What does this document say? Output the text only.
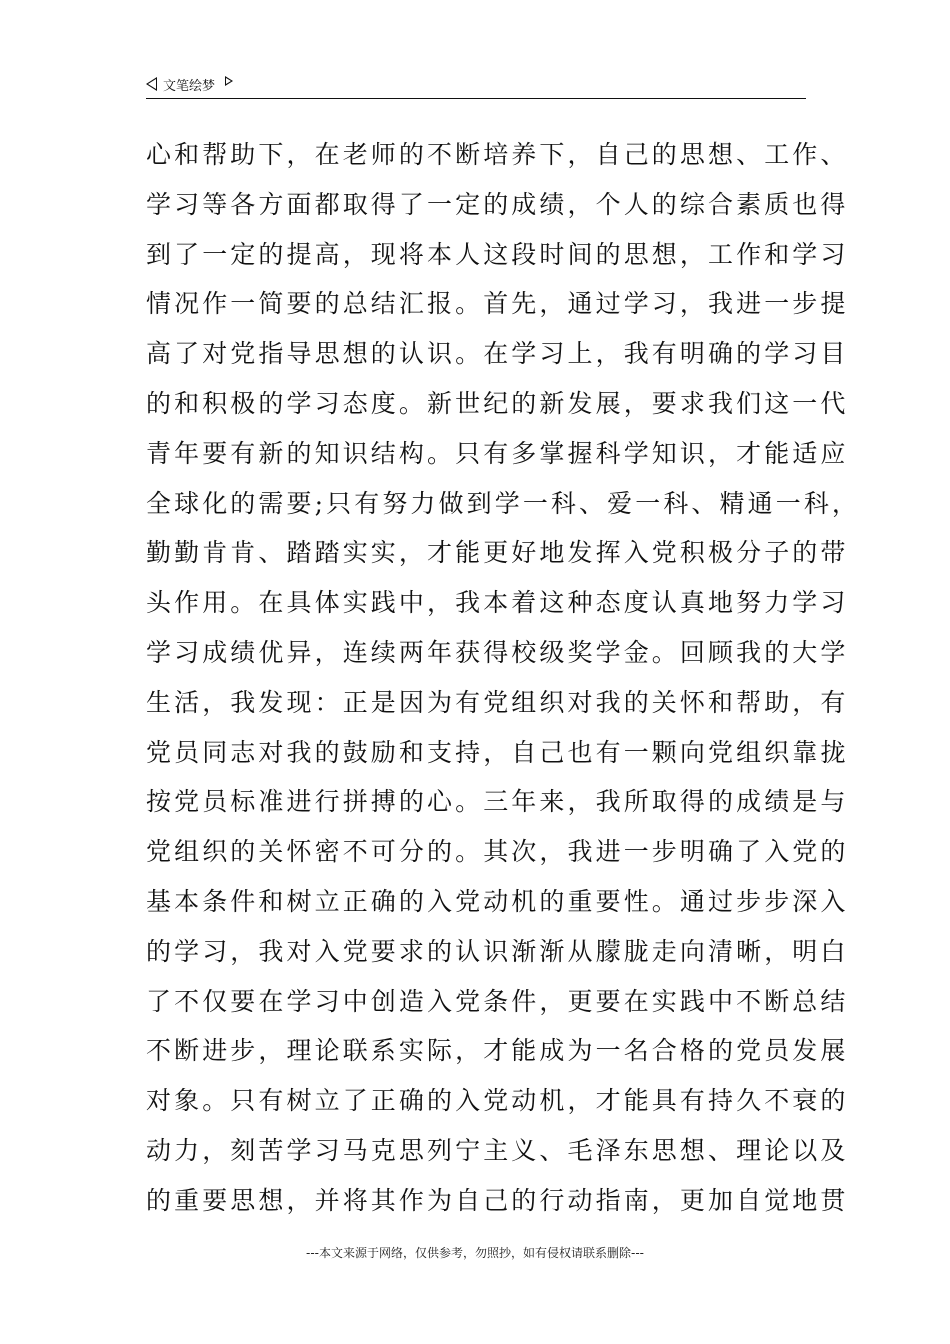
文笔绘梦
心和帮助下，在老师的不断培养下，自己的思想、工作、
学习等各方面都取得了一定的成绩，个人的综合素质也得
到了一定的提高，现将本人这段时间的思想，工作和学习
情况作一简要的总结汇报。首先，通过学习，我进一步提
高了对党指导思想的认识。在学习上，我有明确的学习目
的和积极的学习态度。新世纪的新发展，要求我们这一代
青年要有新的知识结构。只有多掌握科学知识，才能适应
全球化的需要;只有努力做到学一科、爱一科、精通一科，
勤勤肯肯、踏踏实实，才能更好地发挥入党积极分子的带
头作用。在具体实践中，我本着这种态度认真地努力学习
学习成绩优异，连续两年获得校级奖学金。回顾我的大学
生活，我发现：正是因为有党组织对我的关怀和帮助，有
党员同志对我的鼓励和支持，自己也有一颗向党组织靠拢
按党员标准进行拼搏的心。三年来，我所取得的成绩是与
党组织的关怀密不可分的。其次，我进一步明确了入党的
基本条件和树立正确的入党动机的重要性。通过步步深入
的学习，我对入党要求的认识渐渐从朦胧走向清晰，明白
了不仅要在学习中创造入党条件，更要在实践中不断总结
不断进步，理论联系实际，才能成为一名合格的党员发展
对象。只有树立了正确的入党动机，才能具有持久不衰的
动力，刻苦学习马克思列宁主义、毛泽东思想、理论以及
的重要思想，并将其作为自己的行动指南，更加自觉地贯
---本文来源于网络，仅供参考，勿照抄，如有侵权请联系删除---
